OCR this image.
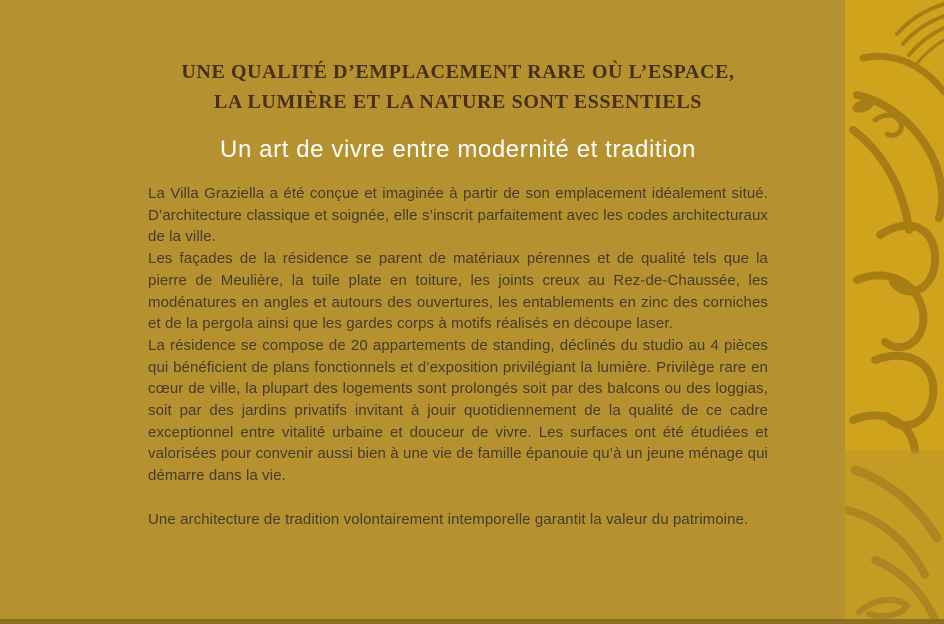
UNE QUALITÉ D’EMPLACEMENT RARE OÙ L’ESPACE,
LA LUMIÈRE ET LA NATURE SONT ESSENTIELS
Un art de vivre entre modernité et tradition

La Villa Graziella a été conçue et imaginée à partir de son emplacement idéalement situé. D’architecture classique et soignée, elle s’inscrit parfaitement avec les codes architecturaux de la ville.

Les façades de la résidence se parent de matériaux pérennes et de qualité tels que la pierre de Meulière, la tuile plate en toiture, les joints creux au Rez-de-Chaussée, les modénatures en angles et autours des ouvertures, les entablements en zinc des corniches et de la pergola ainsi que les gardes corps à motifs réalisés en découpe laser.

La résidence se compose de 20 appartements de standing, déclinés du studio au 4 pièces qui bénéficient de plans fonctionnels et d’exposition privilégiant la lumière. Privilège rare en cœur de ville, la plupart des logements sont prolongés soit par des balcons ou des loggias, soit par des jardins privatifs invitant à jouir quotidiennement de la qualité de ce cadre exceptionnel entre vitalité urbaine et douceur de vivre. Les surfaces ont été étudiées et valorisées pour convenir aussi bien à une vie de famille épanouie qu’à un jeune ménage qui démarre dans la vie.

Une architecture de tradition volontairement intemporelle garantit la valeur du patrimoine.
